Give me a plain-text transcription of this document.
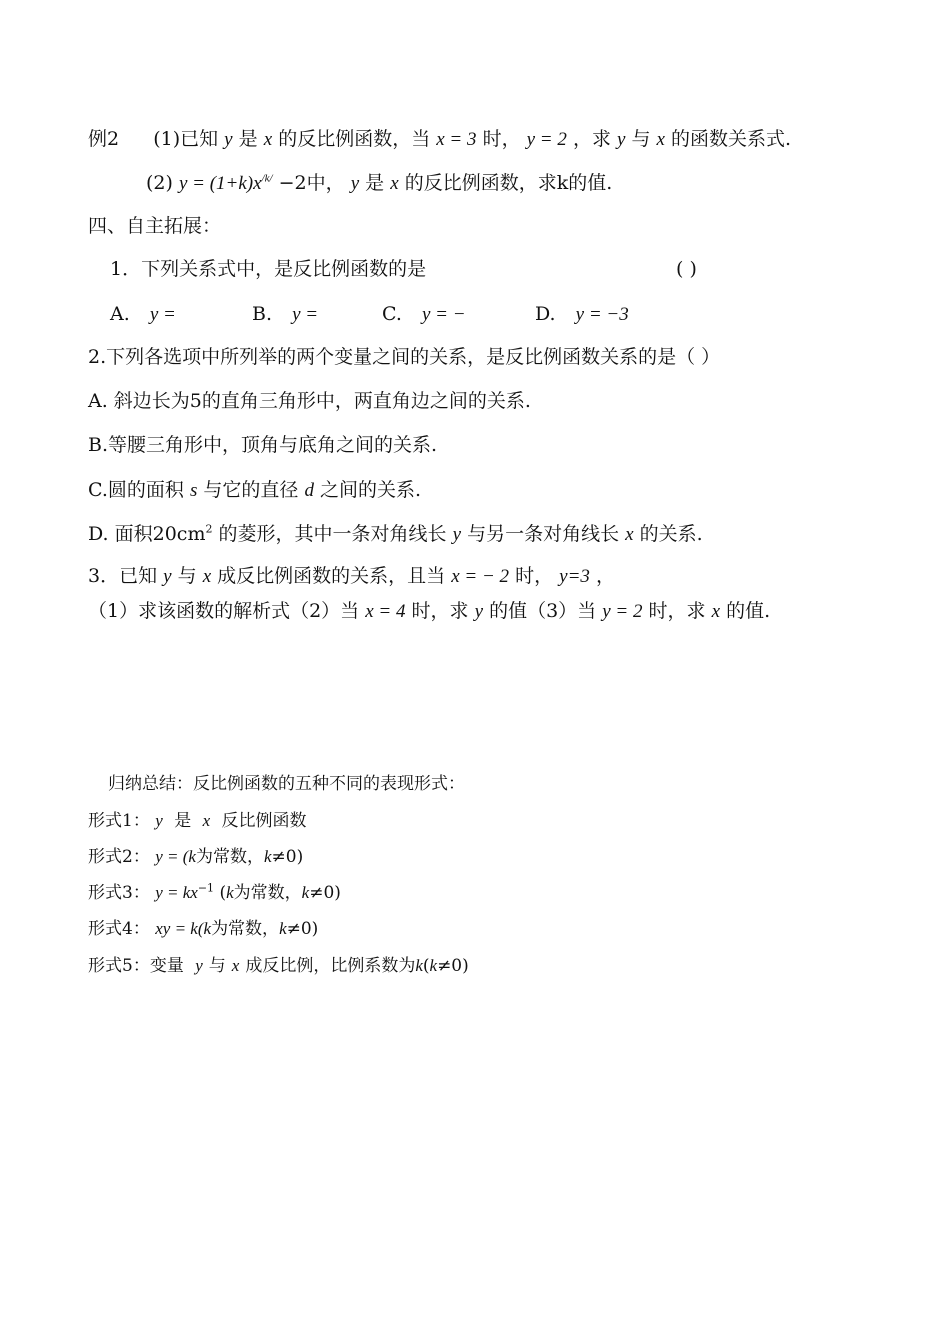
例2 (1)已知 y 是 x 的反比例函数，当 x = 3 时， y = 2 ，求 y 与 x 的函数关系式.
(2) $y = (1+k)x^{/k/} -2$中， y 是 x 的反比例函数，求k的值.
四、自主拓展：
1．下列关系式中，是反比例函数的是	( )
A. y =	B. y =	C. y = −	D. y = −3
2.下列各选项中所列举的两个变量之间的关系，是反比例函数关系的是（ ）
A. 斜边长为5的直角三角形中，两直角边之间的关系.
B.等腰三角形中，顶角与底角之间的关系.
C.圆的面积 s 与它的直径 d 之间的关系.
D. 面积$20cm^2$ 的菱形，其中一条对角线长 y 与另一条对角线长 x 的关系.
3．已知 y 与 x 成反比例函数的关系，且当 x = − 2 时， y=3 ，
（1）求该函数的解析式（2）当 x = 4 时，求 y 的值（3）当 y = 2 时，求 x 的值.
归纳总结：反比例函数的五种不同的表现形式：
形式1： y 是 x 反比例函数
形式2： y = (k为常数，k≠0)
形式3： $y = kx^{-1}$ (k为常数，k≠0)
形式4： xy = k(k为常数，k≠0)
形式5：变量 y 与 x 成反比例，比例系数为k(k≠0)
